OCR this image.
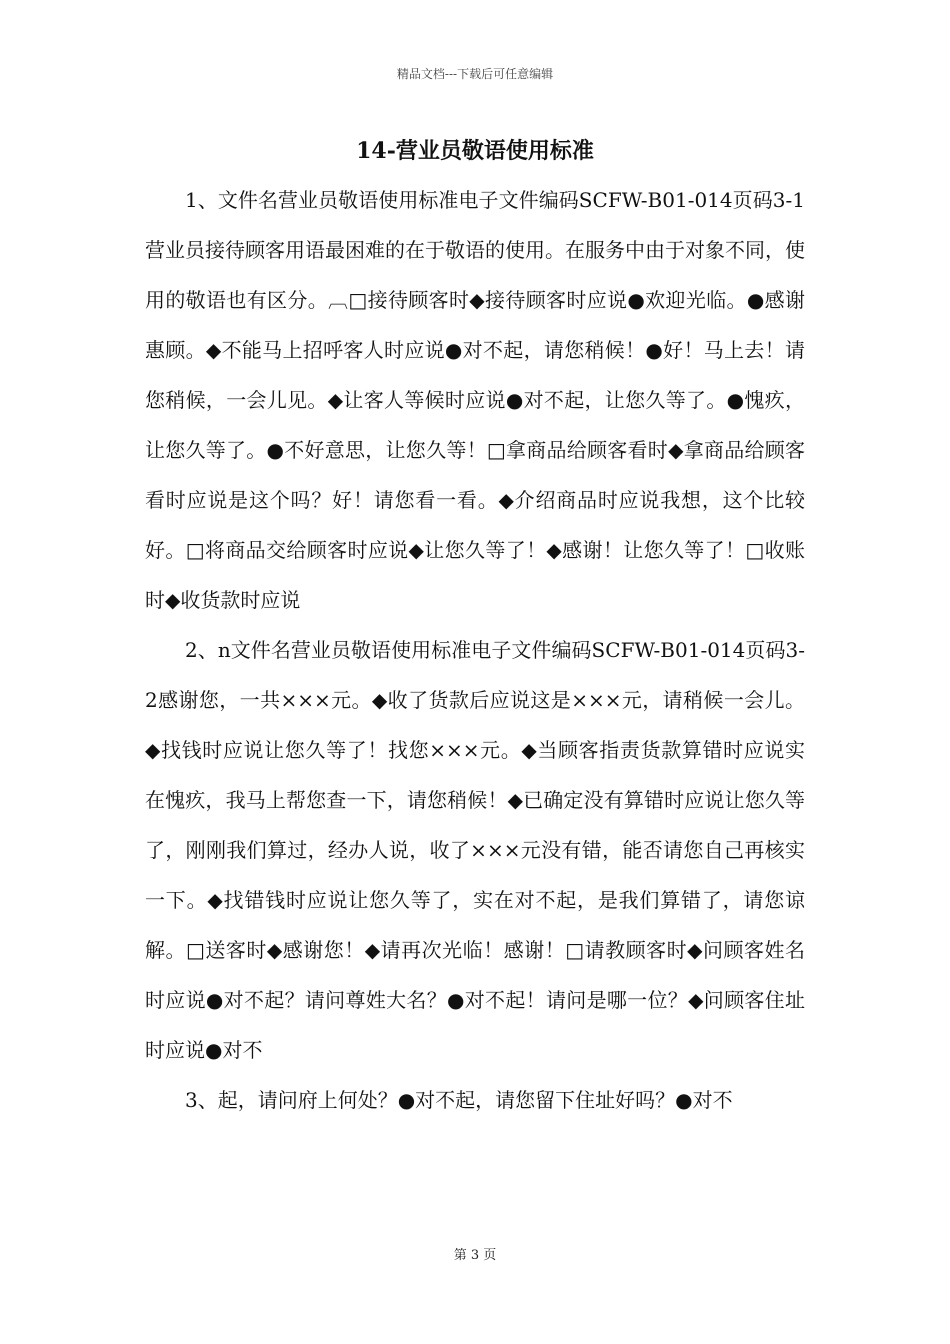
精品文档---下载后可任意编辑
14-营业员敬语使用标准

1、文件名营业员敬语使用标准电子文件编码SCFW-B01-014页码3-1营业员接待顾客用语最困难的在于敬语的使用。在服务中由于对象不同，使用的敬语也有区分。︹□接待顾客时◆接待顾客时应说●欢迎光临。●感谢惠顾。◆不能马上招呼客人时应说●对不起，请您稍候！●好！马上去！请您稍候，一会儿见。◆让客人等候时应说●对不起，让您久等了。●愧疚，让您久等了。●不好意思，让您久等！□拿商品给顾客看时◆拿商品给顾客看时应说是这个吗？好！请您看一看。◆介绍商品时应说我想，这个比较好。□将商品交给顾客时应说◆让您久等了！◆感谢！让您久等了！□收账时◆收货款时应说

2、n文件名营业员敬语使用标准电子文件编码SCFW-B01-014页码3-2感谢您，一共×××元。◆收了货款后应说这是×××元，请稍候一会儿。◆找钱时应说让您久等了！找您×××元。◆当顾客指责货款算错时应说实在愧疚，我马上帮您查一下，请您稍候！◆已确定没有算错时应说让您久等了，刚刚我们算过，经办人说，收了×××元没有错，能否请您自己再核实一下。◆找错钱时应说让您久等了，实在对不起，是我们算错了，请您谅解。□送客时◆感谢您！◆请再次光临！感谢！□请教顾客时◆问顾客姓名时应说●对不起？请问尊姓大名？●对不起！请问是哪一位？◆问顾客住址时应说●对不

3、起，请问府上何处？●对不起，请您留下住址好吗？●对不

第 3 页
